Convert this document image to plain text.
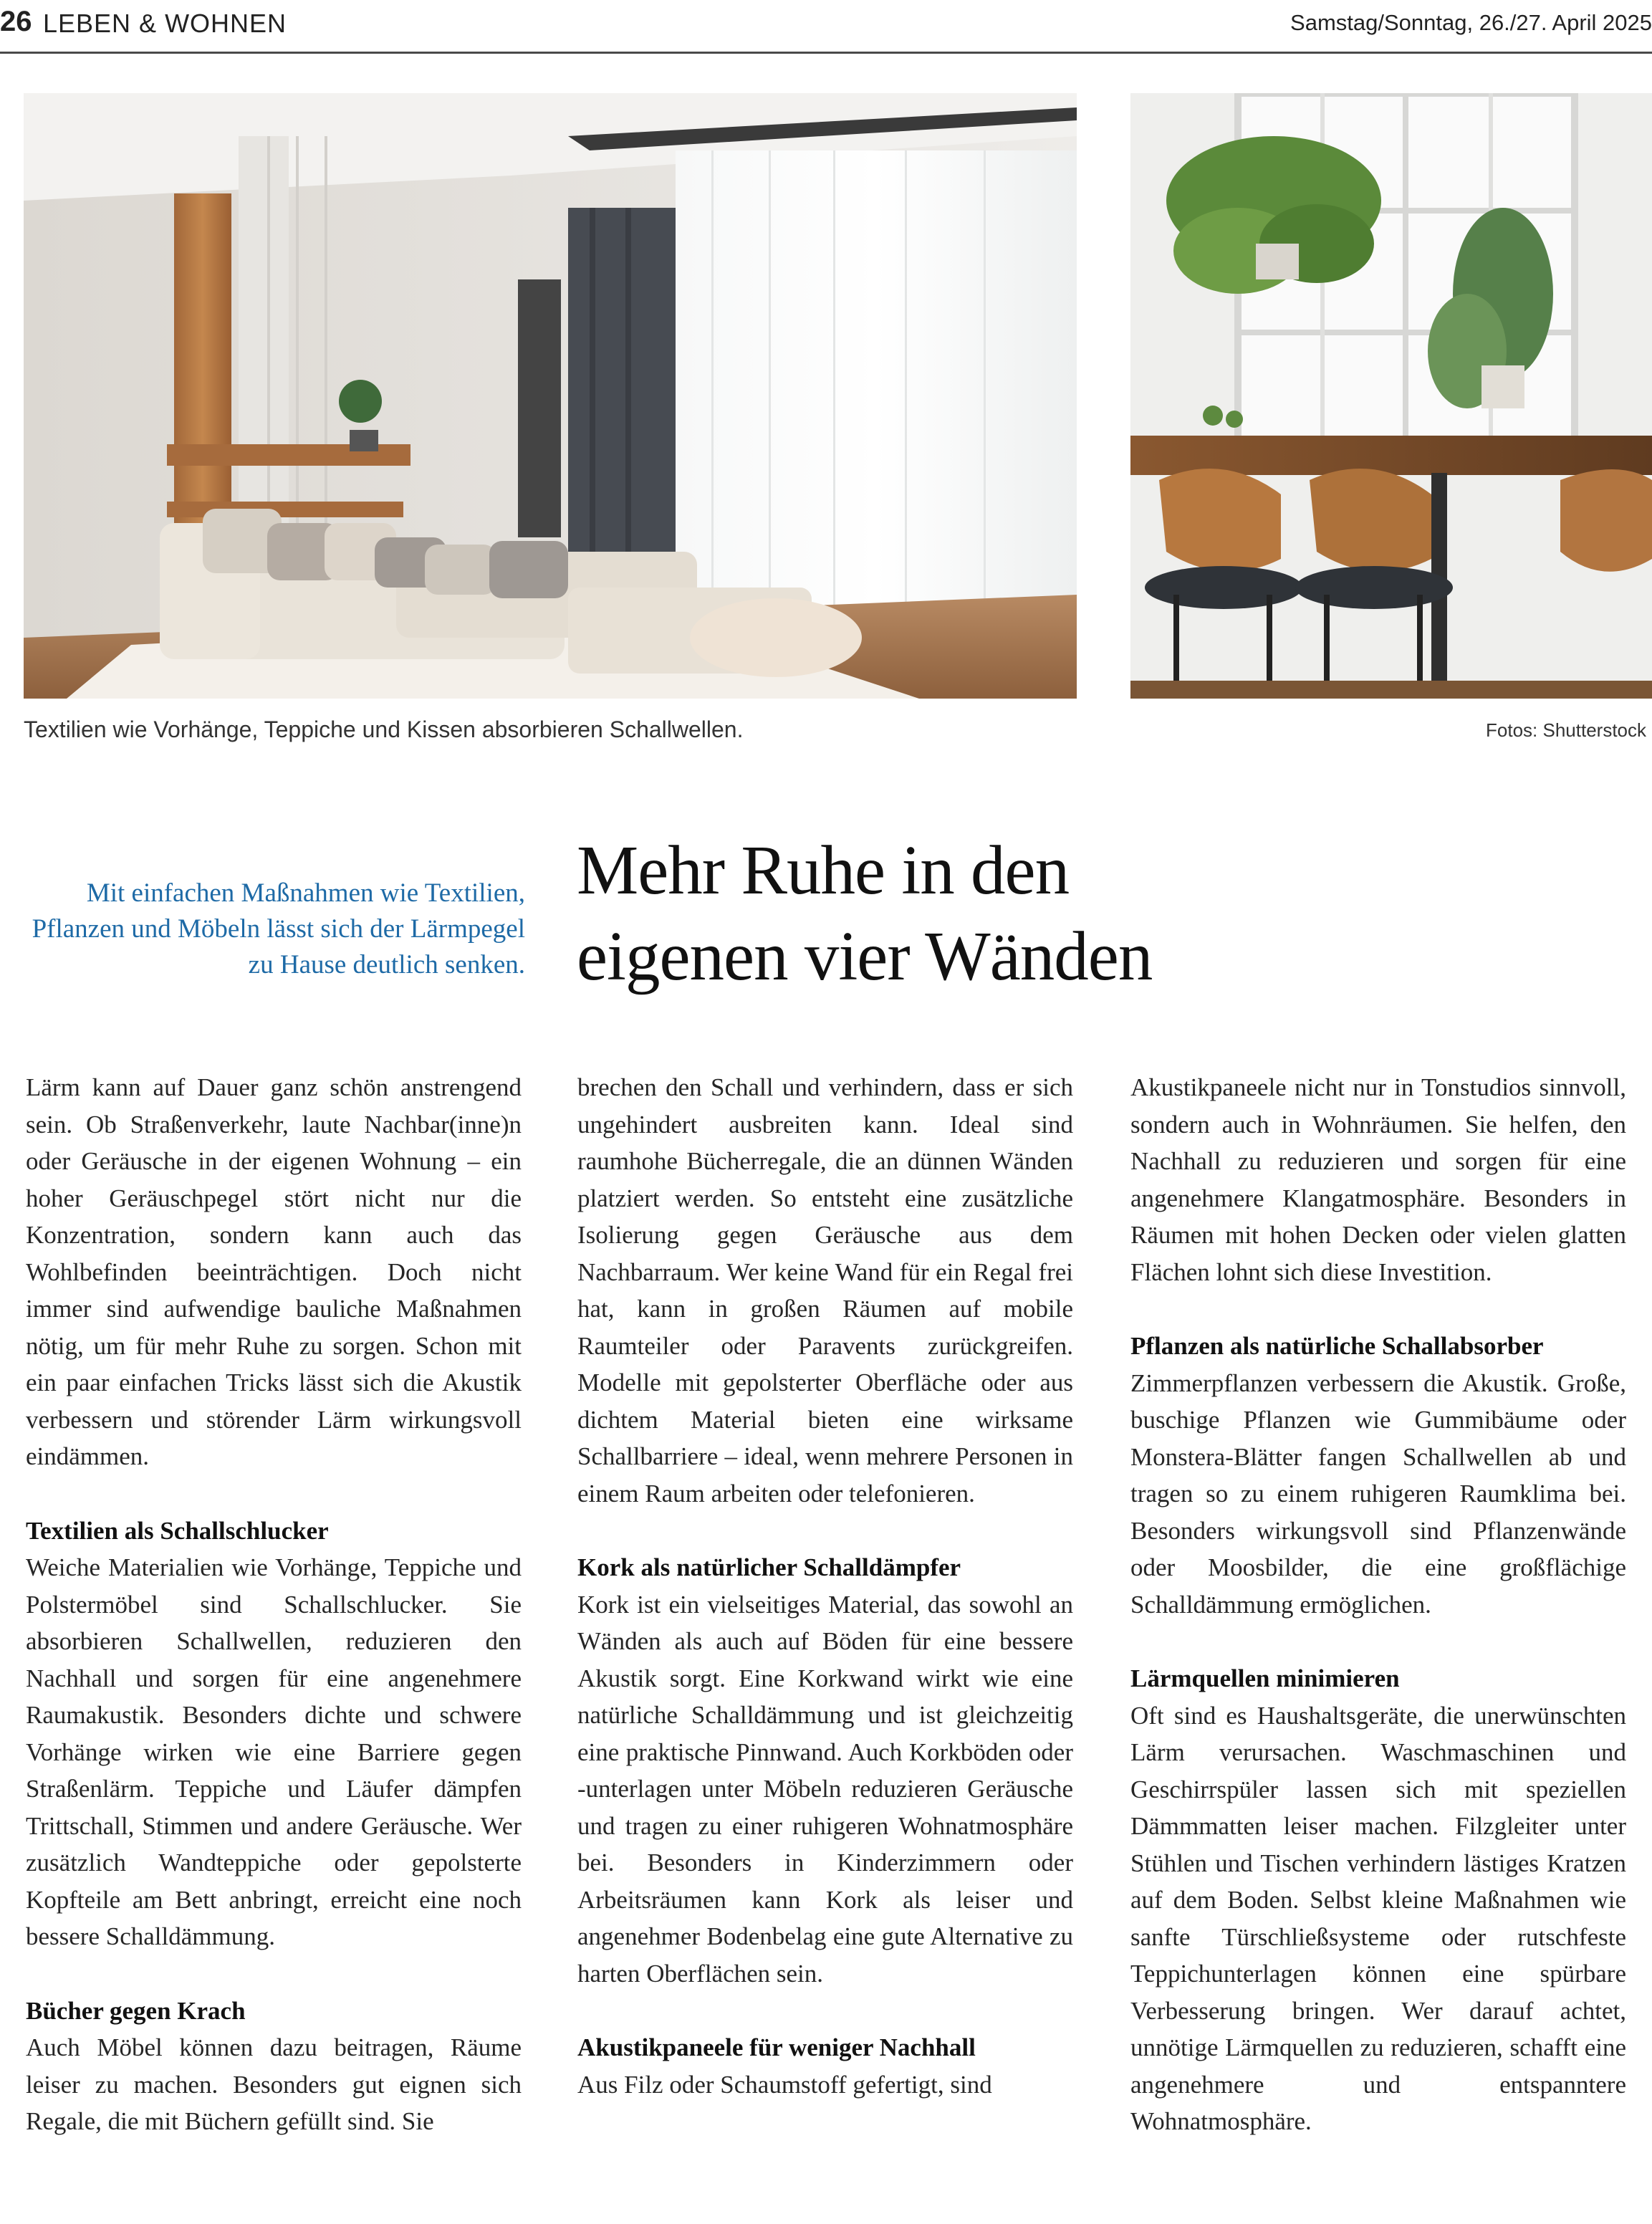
26 LEBEN & WOHNEN	Samstag/Sonntag, 26./27. April 2025
Textilien wie Vorhänge, Teppiche und Kissen absorbieren Schallwellen.	Fotos: Shutterstock

Mit einfachen Maßnahmen wie Textilien, Pflanzen und Möbeln lässt sich der Lärmpegel zu Hause deutlich senken.

Mehr Ruhe in den
eigenen vier Wänden

Lärm kann auf Dauer ganz schön anstrengend sein. Ob Straßenverkehr, laute Nachbar(inne)n oder Geräusche in der eigenen Wohnung – ein hoher Geräuschpegel stört nicht nur die Konzentration, sondern kann auch das Wohlbefinden beeinträchtigen. Doch nicht immer sind aufwendige bauliche Maßnahmen nötig, um für mehr Ruhe zu sorgen. Schon mit ein paar einfachen Tricks lässt sich die Akustik verbessern und störender Lärm wirkungsvoll eindämmen.

Textilien als Schallschlucker

Weiche Materialien wie Vorhänge, Teppiche und Polstermöbel sind Schallschlucker. Sie absorbieren Schallwellen, reduzieren den Nachhall und sorgen für eine angenehmere Raumakustik. Besonders dichte und schwere Vorhänge wirken wie eine Barriere gegen Straßenlärm. Teppiche und Läufer dämpfen Trittschall, Stimmen und andere Geräusche. Wer zusätzlich Wandteppiche oder gepolsterte Kopfteile am Bett anbringt, erreicht eine noch bessere Schalldämmung.

Bücher gegen Krach

Auch Möbel können dazu beitragen, Räume leiser zu machen. Besonders gut eignen sich Regale, die mit Büchern gefüllt sind. Sie

brechen den Schall und verhindern, dass er sich ungehindert ausbreiten kann. Ideal sind raumhohe Bücherregale, die an dünnen Wänden platziert werden. So entsteht eine zusätzliche Isolierung gegen Geräusche aus dem Nachbarraum. Wer keine Wand für ein Regal frei hat, kann in großen Räumen auf mobile Raumteiler oder Paravents zurückgreifen. Modelle mit gepolsterter Oberfläche oder aus dichtem Material bieten eine wirksame Schallbarriere – ideal, wenn mehrere Personen in einem Raum arbeiten oder telefonieren.

Kork als natürlicher Schalldämpfer

Kork ist ein vielseitiges Material, das sowohl an Wänden als auch auf Böden für eine bessere Akustik sorgt. Eine Korkwand wirkt wie eine natürliche Schalldämmung und ist gleichzeitig eine praktische Pinnwand. Auch Korkböden oder -unterlagen unter Möbeln reduzieren Geräusche und tragen zu einer ruhigeren Wohnatmosphäre bei. Besonders in Kinderzimmern oder Arbeitsräumen kann Kork als leiser und angenehmer Bodenbelag eine gute Alternative zu harten Oberflächen sein.

Akustikpaneele für weniger Nachhall

Aus Filz oder Schaumstoff gefertigt, sind

Akustikpaneele nicht nur in Tonstudios sinnvoll, sondern auch in Wohnräumen. Sie helfen, den Nachhall zu reduzieren und sorgen für eine angenehmere Klangatmosphäre. Besonders in Räumen mit hohen Decken oder vielen glatten Flächen lohnt sich diese Investition.

Pflanzen als natürliche Schallabsorber

Zimmerpflanzen verbessern die Akustik. Große, buschige Pflanzen wie Gummibäume oder Monstera-Blätter fangen Schallwellen ab und tragen so zu einem ruhigeren Raumklima bei. Besonders wirkungsvoll sind Pflanzenwände oder Moosbilder, die eine großflächige Schalldämmung ermöglichen.

Lärmquellen minimieren

Oft sind es Haushaltsgeräte, die unerwünschten Lärm verursachen. Waschmaschinen und Geschirrspüler lassen sich mit speziellen Dämmmatten leiser machen. Filzgleiter unter Stühlen und Tischen verhindern lästiges Kratzen auf dem Boden. Selbst kleine Maßnahmen wie sanfte Türschließsysteme oder rutschfeste Teppichunterlagen können eine spürbare Verbesserung bringen. Wer darauf achtet, unnötige Lärmquellen zu reduzieren, schafft eine angenehmere und entspanntere Wohnatmosphäre.
